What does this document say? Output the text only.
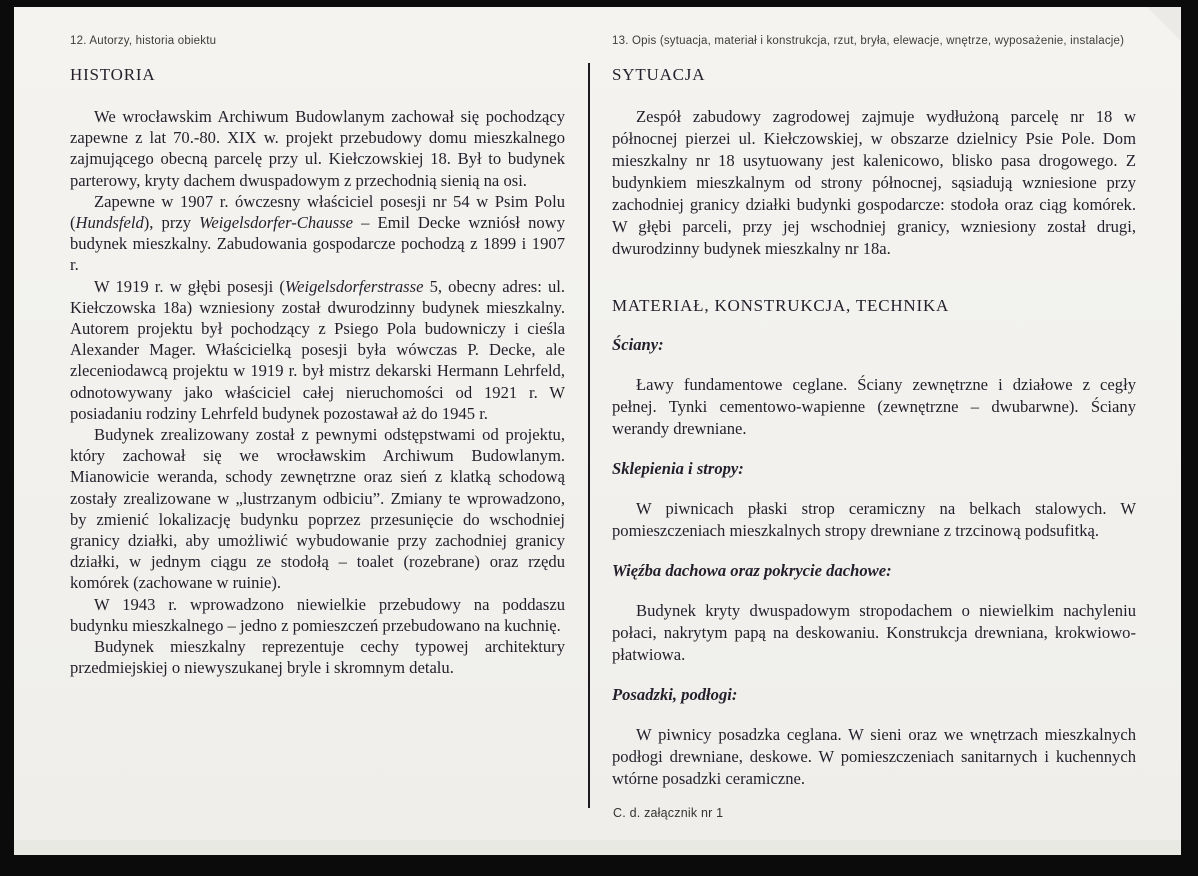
12. Autorzy, historia obiektu
HISTORIA

We wrocławskim Archiwum Budowlanym zachował się pochodzący zapewne z lat 70.-80. XIX w. projekt przebudowy domu mieszkalnego zajmującego obecną parcelę przy ul. Kiełczowskiej 18. Był to budynek parterowy, kryty dachem dwuspadowym z przechodnią sienią na osi.

Zapewne w 1907 r. ówczesny właściciel posesji nr 54 w Psim Polu (Hundsfeld), przy Weigelsdorfer-Chausse – Emil Decke wzniósł nowy budynek mieszkalny. Zabudowania gospodarcze pochodzą z 1899 i 1907 r.

W 1919 r. w głębi posesji (Weigelsdorferstrasse 5, obecny adres: ul. Kiełczowska 18a) wzniesiony został dwurodzinny budynek mieszkalny. Autorem projektu był pochodzący z Psiego Pola budowniczy i cieśla Alexander Mager. Właścicielką posesji była wówczas P. Decke, ale zleceniodawcą projektu w 1919 r. był mistrz dekarski Hermann Lehrfeld, odnotowywany jako właściciel całej nieruchomości od 1921 r. W posiadaniu rodziny Lehrfeld budynek pozostawał aż do 1945 r.

Budynek zrealizowany został z pewnymi odstępstwami od projektu, który zachował się we wrocławskim Archiwum Budowlanym. Mianowicie weranda, schody zewnętrzne oraz sień z klatką schodową zostały zrealizowane w „lustrzanym odbiciu”. Zmiany te wprowadzono, by zmienić lokalizację budynku poprzez przesunięcie do wschodniej granicy działki, aby umożliwić wybudowanie przy zachodniej granicy działki, w jednym ciągu ze stodołą – toalet (rozebrane) oraz rzędu komórek (zachowane w ruinie).

W 1943 r. wprowadzono niewielkie przebudowy na poddaszu budynku mieszkalnego – jedno z pomieszczeń przebudowano na kuchnię.

Budynek mieszkalny reprezentuje cechy typowej architektury przedmiejskiej o niewyszukanej bryle i skromnym detalu.

13. Opis (sytuacja, materiał i konstrukcja, rzut, bryła, elewacje, wnętrze, wyposażenie, instalacje)
SYTUACJA

Zespół zabudowy zagrodowej zajmuje wydłużoną parcelę nr 18 w północnej pierzei ul. Kiełczowskiej, w obszarze dzielnicy Psie Pole. Dom mieszkalny nr 18 usytuowany jest kalenicowo, blisko pasa drogowego. Z budynkiem mieszkalnym od strony północnej, sąsiadują wzniesione przy zachodniej granicy działki budynki gospodarcze: stodoła oraz ciąg komórek. W głębi parceli, przy jej wschodniej granicy, wzniesiony został drugi, dwurodzinny budynek mieszkalny nr 18a.

MATERIAŁ, KONSTRUKCJA, TECHNIKA
Ściany:

Ławy fundamentowe ceglane. Ściany zewnętrzne i działowe z cegły pełnej. Tynki cementowo-wapienne (zewnętrzne – dwubarwne). Ściany werandy drewniane.

Sklepienia i stropy:

W piwnicach płaski strop ceramiczny na belkach stalowych. W pomieszczeniach mieszkalnych stropy drewniane z trzcinową podsufitką.

Więźba dachowa oraz pokrycie dachowe:

Budynek kryty dwuspadowym stropodachem o niewielkim nachyleniu połaci, nakrytym papą na deskowaniu. Konstrukcja drewniana, krokwiowo-płatwiowa.

Posadzki, podłogi:

W piwnicy posadzka ceglana. W sieni oraz we wnętrzach mieszkalnych podłogi drewniane, deskowe. W pomieszczeniach sanitarnych i kuchennych wtórne posadzki ceramiczne.

C. d. załącznik nr 1
